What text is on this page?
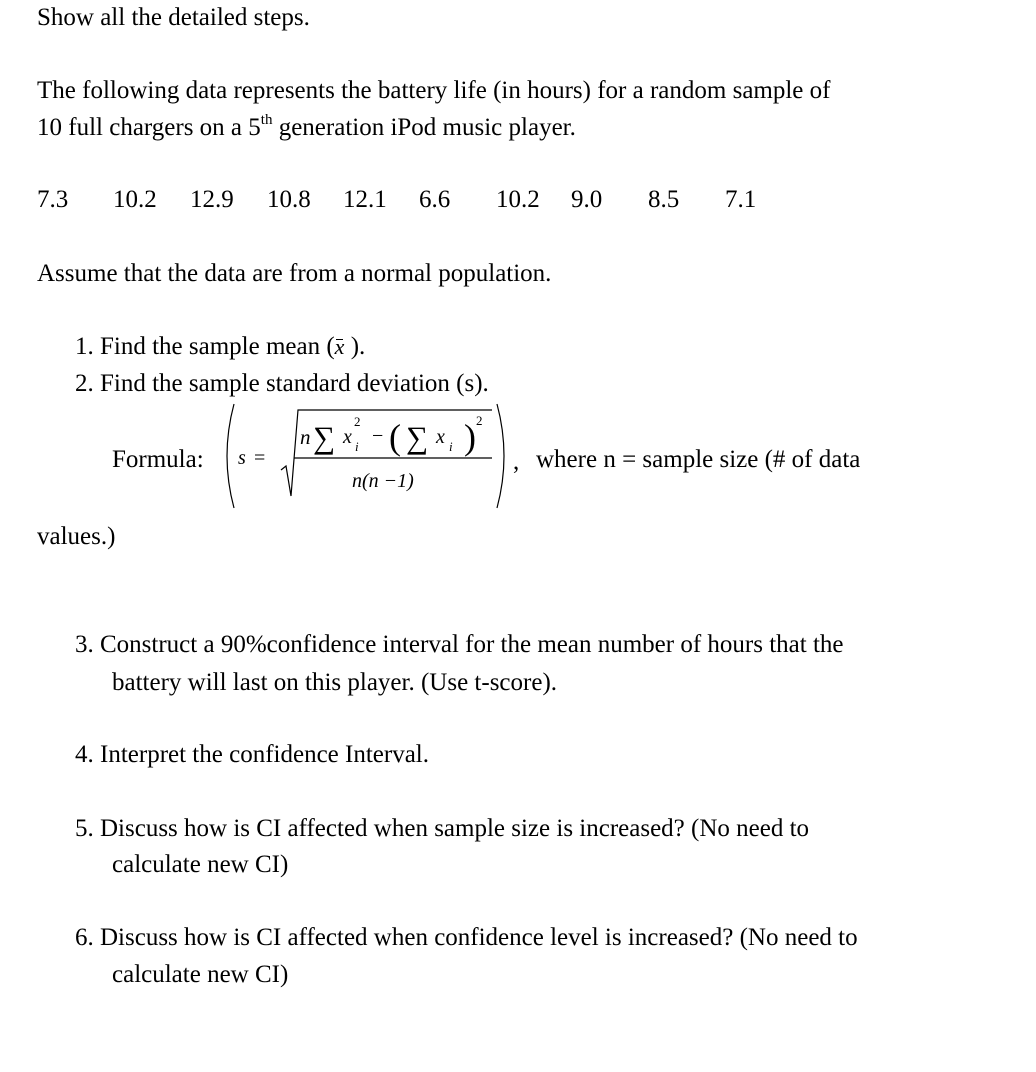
Show all the detailed steps.
The following data represents the battery life (in hours) for a random sample of
10 full chargers on a 5th generation iPod music player.
7.3 10.2 12.9 10.8 12.1 6.6 10.2 9.0 8.5 7.1
Assume that the data are from a normal population.
1. Find the sample mean (x ).
2. Find the sample standard deviation (s).
Formula: s =
n ∑ x
2
i − ( ∑ x i ) 2
n(n −1)
, where n = sample size (# of data
values.)
3. Construct a 90%confidence interval for the mean number of hours that the
battery will last on this player. (Use t-score).
4. Interpret the confidence Interval.
5. Discuss how is CI affected when sample size is increased? (No need to
calculate new CI)
6. Discuss how is CI affected when confidence level is increased? (No need to
calculate new CI)
